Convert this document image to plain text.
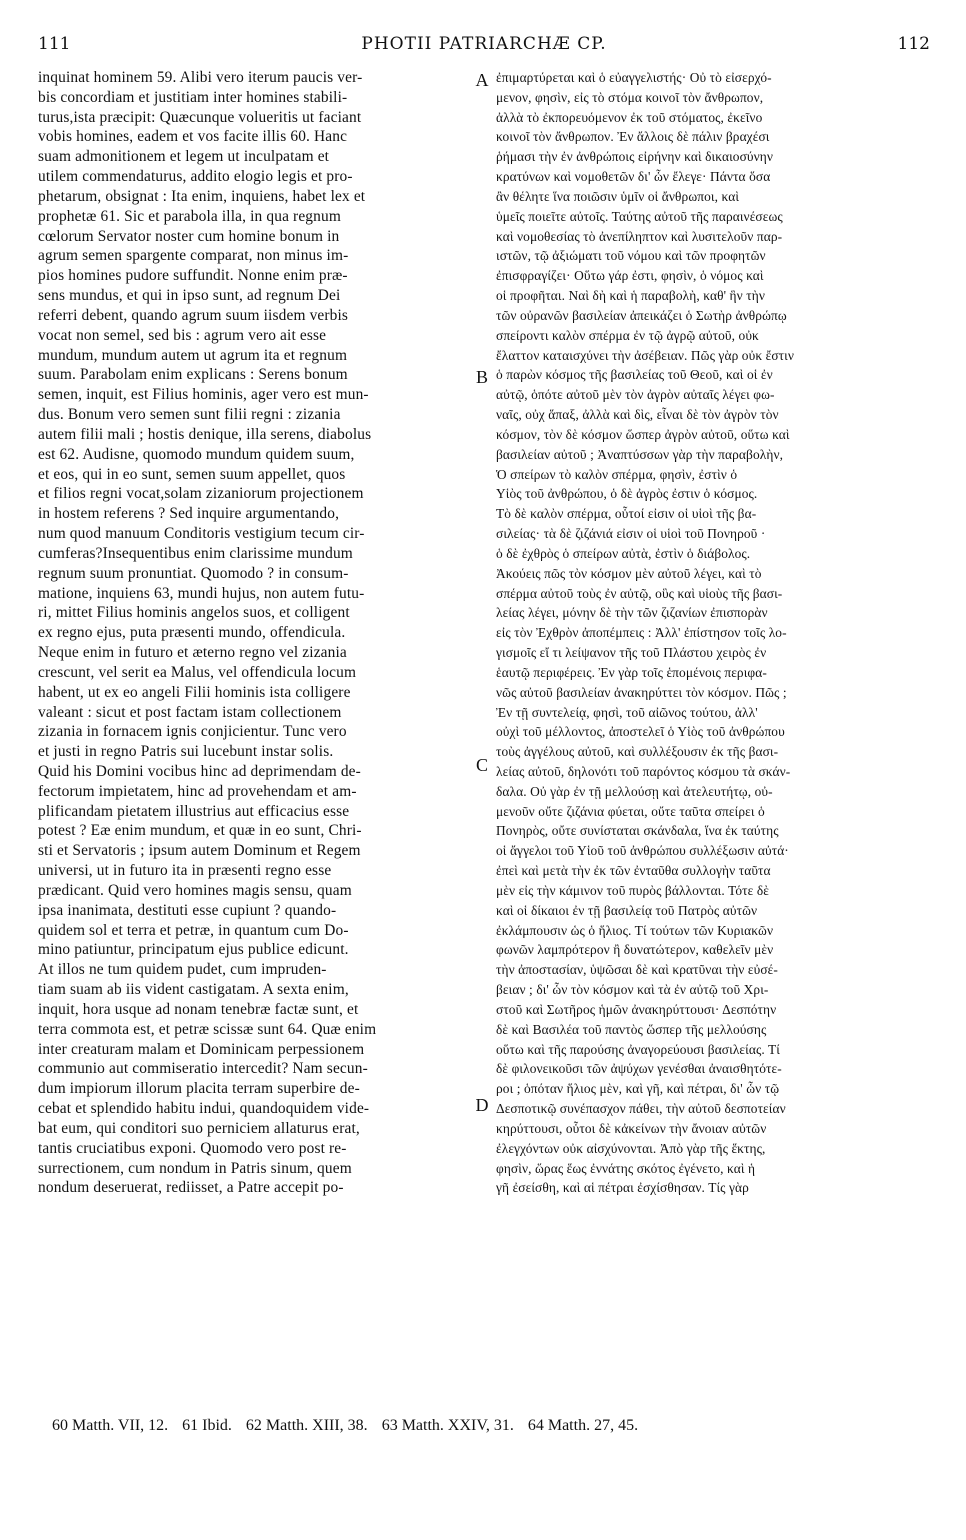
111	PHOTII PATRIARCHÆ CP.	112
inquinat hominem 59. Alibi vero iterum paucis ver-
bis concordiam et justitiam inter homines stabili-
turus,ista præcipit: Quæcunque volueritis ut faciant
vobis homines, eadem et vos facite illis 60. Hanc
suam admonitionem et legem ut inculpatam et
utilem commendaturus, addito elogio legis et pro-
phetarum, obsignat : Ita enim, inquiens, habet lex et
prophetæ 61. Sic et parabola illa, in qua regnum
cœlorum Servator noster cum homine bonum in
agrum semen spargente comparat, non minus im-
pios homines pudore suffundit. Nonne enim præ-
sens mundus, et qui in ipso sunt, ad regnum Dei
referri debent, quando agrum suum iisdem verbis
vocat non semel, sed bis : agrum vero ait esse
mundum, mundum autem ut agrum ita et regnum
suum. Parabolam enim explicans : Serens bonum
semen, inquit, est Filius hominis, ager vero est mun-
dus. Bonum vero semen sunt filii regni : zizania
autem filii mali ; hostis denique, illa serens, diabolus
est 62. Audisne, quomodo mundum quidem suum,
et eos, qui in eo sunt, semen suum appellet, quos
et filios regni vocat,solam zizaniorum projectionem
in hostem referens ? Sed inquire argumentando,
num quod manuum Conditoris vestigium tecum cir-
cumferas?Insequentibus enim clarissime mundum
regnum suum pronuntiat. Quomodo ? in consum-
matione, inquiens 63, mundi hujus, non autem futu-
ri, mittet Filius hominis angelos suos, et colligent
ex regno ejus, puta præsenti mundo, offendicula.
Neque enim in futuro et æterno regno vel zizania
crescunt, vel serit ea Malus, vel offendicula locum
habent, ut ex eo angeli Filii hominis ista colligere
valeant : sicut et post factam istam collectionem
zizania in fornacem ignis conjicientur. Tunc vero
et justi in regno Patris sui lucebunt instar solis.
Quid his Domini vocibus hinc ad deprimendam de-
fectorum impietatem, hinc ad provehendam et am-
plificandam pietatem illustrius aut efficacius esse
potest ? Eæ enim mundum, et quæ in eo sunt, Chri-
sti et Servatoris ; ipsum autem Dominum et Regem
universi, ut in futuro ita in præsenti regno esse
prædicant. Quid vero homines magis sensu, quam
ipsa inanimata, destituti esse cupiunt ? quando-
quidem sol et terra et petræ, in quantum cum Do-
mino patiuntur, principatum ejus publice edicunt.
At illos ne tum quidem pudet, cum impruden-
tiam suam ab iis vident castigatam. A sexta enim,
inquit, hora usque ad nonam tenebræ factæ sunt, et
terra commota est, et petræ scissæ sunt 64. Quæ enim
inter creaturam malam et Dominicam perpessionem
communio aut commiseratio intercedit? Nam secun-
dum impiorum illorum placita terram superbire de-
cebat et splendido habitu indui, quandoquidem vide-
bat eum, qui conditori suo perniciem allaturus erat,
tantis cruciatibus exponi. Quomodo vero post re-
surrectionem, cum nondum in Patris sinum, quem
nondum deseruerat, rediisset, a Patre accepit po-
A
B
C
D
ἐπιμαρτύρεται καὶ ὁ εὐαγγελιστής· Οὐ τὸ εἰσερχό-
μενον, φησὶν, εἰς τὸ στόμα κοινοῖ τὸν ἄνθρωπον,
ἀλλὰ τὸ ἐκπορευόμενον ἐκ τοῦ στόματος, ἐκεῖνο
κοινοῖ τὸν ἄνθρωπον. Ἐν ἄλλοις δὲ πάλιν βραχέσι
ῥήμασι τὴν ἐν ἀνθρώποις εἰρήνην καὶ δικαιοσύνην
κρατύνων καὶ νομοθετῶν δι' ὧν ἔλεγε· Πάντα ὅσα
ἂν θέλητε ἵνα ποιῶσιν ὑμῖν οἱ ἄνθρωποι, καὶ
ὑμεῖς ποιεῖτε αὐτοῖς. Ταύτης αὐτοῦ τῆς παραινέσεως
καὶ νομοθεσίας τὸ ἀνεπίληπτον καὶ λυσιτελοῦν παρ-
ιστῶν, τῷ ἀξιώματι τοῦ νόμου καὶ τῶν προφητῶν
ἐπισφραγίζει· Οὕτω γάρ ἐστι, φησὶν, ὁ νόμος καὶ
οἱ προφῆται. Ναὶ δὴ καὶ ἡ παραβολὴ, καθ' ἣν τὴν
τῶν οὐρανῶν βασιλείαν ἀπεικάζει ὁ Σωτὴρ ἀνθρώπῳ
σπείροντι καλὸν σπέρμα ἐν τῷ ἀγρῷ αὐτοῦ, οὐκ
ἔλαττον καταισχύνει τὴν ἀσέβειαν. Πῶς γὰρ οὐκ ἔστιν
ὁ παρὼν κόσμος τῆς βασιλείας τοῦ Θεοῦ, καὶ οἱ ἐν
αὐτῷ, ὁπότε αὐτοῦ μὲν τὸν ἀγρὸν αὐταῖς λέγει φω-
ναῖς, οὐχ ἅπαξ, ἀλλὰ καὶ δὶς, εἶναι δὲ τὸν ἀγρὸν τὸν
κόσμον, τὸν δὲ κόσμον ὥσπερ ἀγρὸν αὐτοῦ, οὕτω καὶ
βασιλείαν αὐτοῦ ; Ἀναπτύσσων γὰρ τὴν παραβολὴν,
Ὁ σπείρων τὸ καλὸν σπέρμα, φησὶν, ἐστὶν ὁ
Υἱὸς τοῦ ἀνθρώπου, ὁ δὲ ἀγρὸς ἐστιν ὁ κόσμος.
Τὸ δὲ καλὸν σπέρμα, οὗτοί εἰσιν οἱ υἱοὶ τῆς βα-
σιλείας· τὰ δὲ ζιζάνιά εἰσιν οἱ υἱοὶ τοῦ Πονηροῦ ·
ὁ δὲ ἐχθρὸς ὁ σπείρων αὐτὰ, ἐστὶν ὁ διάβολος.
Ἀκούεις πῶς τὸν κόσμον μὲν αὐτοῦ λέγει, καὶ τὸ
σπέρμα αὐτοῦ τοὺς ἐν αὐτῷ, οὓς καὶ υἱοὺς τῆς βασι-
λείας λέγει, μόνην δὲ τὴν τῶν ζιζανίων ἐπισπορὰν
εἰς τὸν Ἐχθρὸν ἀποπέμπεις : Ἀλλ' ἐπίστησον τοῖς λο-
γισμοῖς εἴ τι λείψανον τῆς τοῦ Πλάστου χειρὸς ἐν
ἑαυτῷ περιφέρεις. Ἐν γὰρ τοῖς ἑπομένοις περιφα-
νῶς αὐτοῦ βασιλείαν ἀνακηρύττει τὸν κόσμον. Πῶς ;
Ἐν τῇ συντελείᾳ, φησὶ, τοῦ αἰῶνος τούτου, ἀλλ'
οὐχὶ τοῦ μέλλοντος, ἀποστελεῖ ὁ Υἱὸς τοῦ ἀνθρώπου
τοὺς ἀγγέλους αὐτοῦ, καὶ συλλέξουσιν ἐκ τῆς βασι-
λείας αὐτοῦ, δηλονότι τοῦ παρόντος κόσμου τὰ σκάν-
δαλα. Οὐ γὰρ ἐν τῇ μελλούσῃ καὶ ἀτελευτήτῳ, οὐ-
μενοῦν οὔτε ζιζάνια φύεται, οὔτε ταῦτα σπείρει ὁ
Πονηρὸς, οὔτε συνίσταται σκάνδαλα, ἵνα ἐκ ταύτης
οἱ ἄγγελοι τοῦ Υἱοῦ τοῦ ἀνθρώπου συλλέξωσιν αὐτά·
ἐπεὶ καὶ μετὰ τὴν ἐκ τῶν ἐνταῦθα συλλογὴν ταῦτα
μὲν εἰς τὴν κάμινον τοῦ πυρὸς βάλλονται. Τότε δὲ
καὶ οἱ δίκαιοι ἐν τῇ βασιλείᾳ τοῦ Πατρὸς αὐτῶν
ἐκλάμπουσιν ὡς ὁ ἥλιος. Τί τούτων τῶν Κυριακῶν
φωνῶν λαμπρότερον ἢ δυνατώτερον, καθελεῖν μὲν
τὴν ἀποστασίαν, ὑψῶσαι δὲ καὶ κρατῦναι τὴν εὐσέ-
βειαν ; δι' ὧν τὸν κόσμον καὶ τὰ ἐν αὐτῷ τοῦ Χρι-
στοῦ καὶ Σωτῆρος ἡμῶν ἀνακηρύττουσι· Δεσπότην
δὲ καὶ Βασιλέα τοῦ παντὸς ὥσπερ τῆς μελλούσης
οὕτω καὶ τῆς παρούσης ἀναγορεύουσι βασιλείας. Τί
δὲ φιλονεικοῦσι τῶν ἀψύχων γενέσθαι ἀναισθητότε-
ροι ; ὁπόταν ἥλιος μὲν, καὶ γῆ, καὶ πέτραι, δι' ὧν τῷ
Δεσποτικῷ συνέπασχον πάθει, τὴν αὐτοῦ δεσποτείαν
κηρύττουσι, οὗτοι δὲ κἀκείνων τὴν ἄνοιαν αὐτῶν
ἐλεγχόντων οὐκ αἰσχύνονται. Ἀπὸ γὰρ τῆς ἕκτης,
φησὶν, ὥρας ἕως ἐννάτης σκότος ἐγένετο, καὶ ἡ
γῆ ἐσείσθη, καὶ αἱ πέτραι ἐσχίσθησαν. Τίς γὰρ
60 Matth. VII, 12. 61 Ibid. 62 Matth. XIII, 38. 63 Matth. XXIV, 31. 64 Matth. 27, 45.
